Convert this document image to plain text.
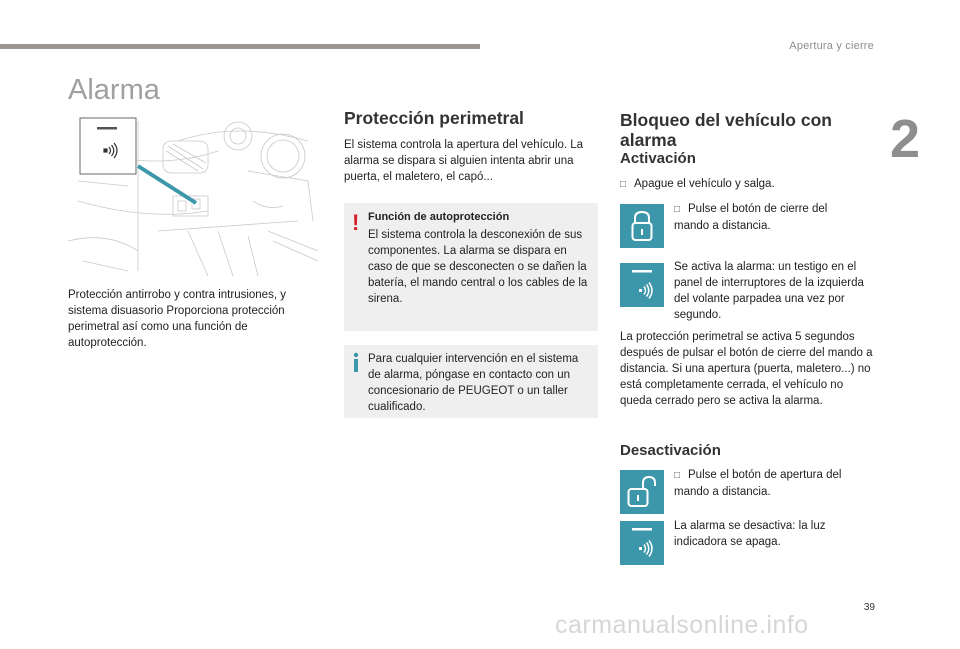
Apertura y cierre
2
Alarma
Protección antirrobo y contra intrusiones, y sistema disuasorio Proporciona protección perimetral así como una función de autoprotección.
Protección perimetral
El sistema controla la apertura del vehículo. La alarma se dispara si alguien intenta abrir una puerta, el maletero, el capó...
! Función de autoprotección
El sistema controla la desconexión de sus componentes. La alarma se dispara en caso de que se desconecten o se dañen la batería, el mando central o los cables de la sirena.
Para cualquier intervención en el sistema de alarma, póngase en contacto con un concesionario de PEUGEOT o un taller cualificado.
Bloqueo del vehículo con alarma
Activación
□ Apague el vehículo y salga.
□ Pulse el botón de cierre del mando a distancia.
Se activa la alarma: un testigo en el panel de interruptores de la izquierda del volante parpadea una vez por segundo.
La protección perimetral se activa 5 segundos después de pulsar el botón de cierre del mando a distancia. Si una apertura (puerta, maletero...) no está completamente cerrada, el vehículo no queda cerrado pero se activa la alarma.
Desactivación
□ Pulse el botón de apertura del mando a distancia.
La alarma se desactiva: la luz indicadora se apaga.
39
carmanualsonline.info
